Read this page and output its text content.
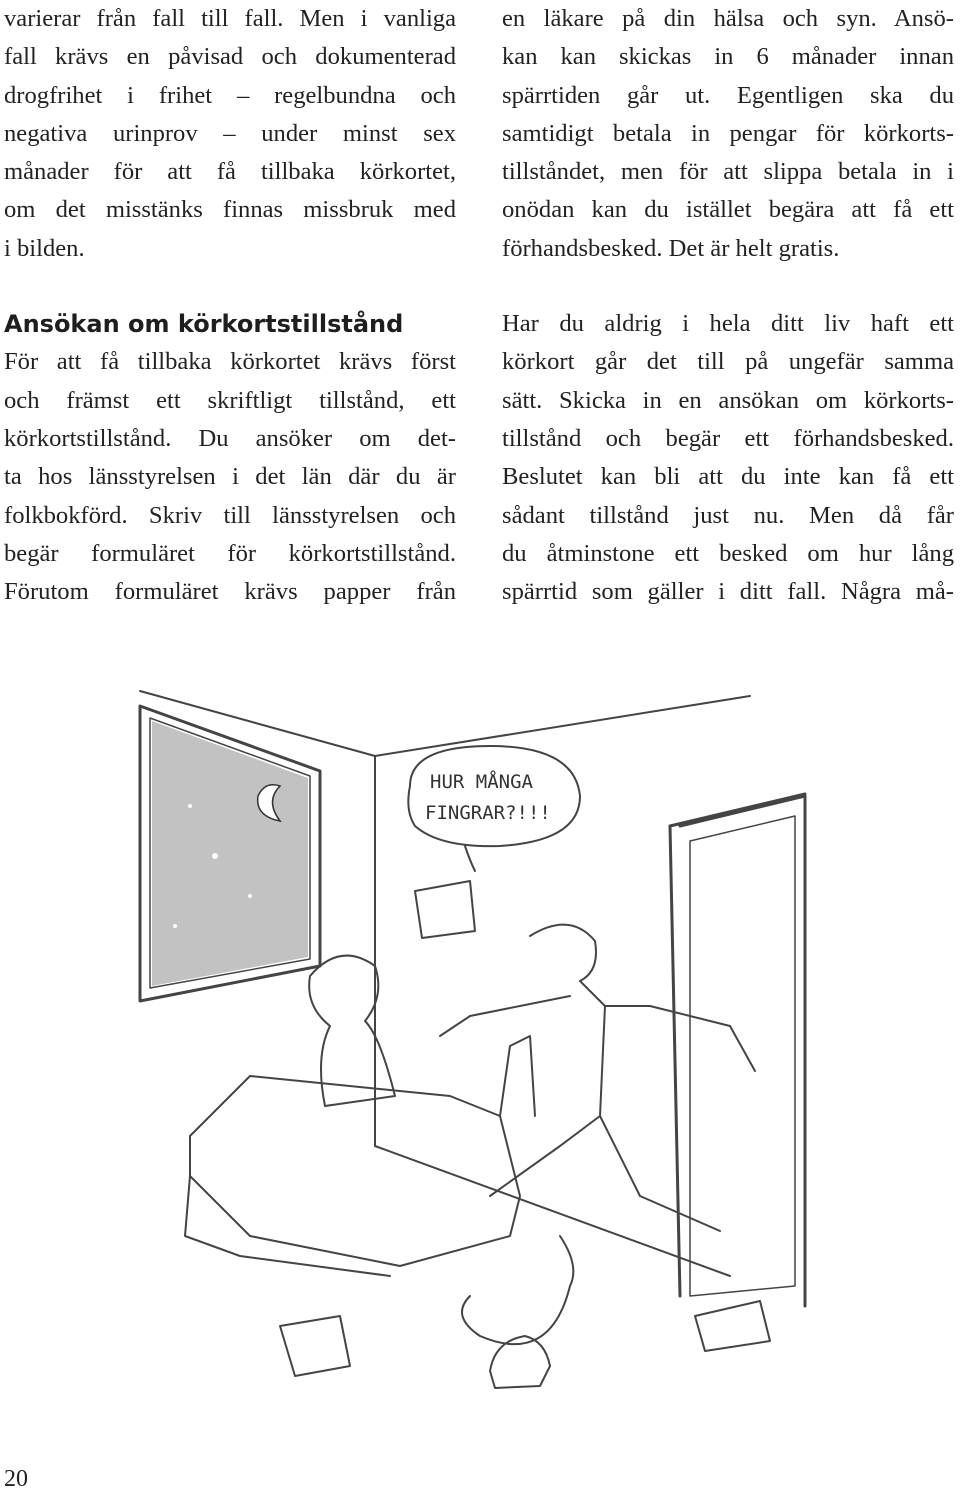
varierar från fall till fall. Men i vanliga

fall krävs en påvisad och dokumenterad

drogfrihet i frihet – regelbundna och

negativa urinprov – under minst sex

månader för att få tillbaka körkortet,

om det misstänks finnas missbruk med

i bilden.

Ansökan om körkortstillstånd

För att få tillbaka körkortet krävs först

och främst ett skriftligt tillstånd, ett

körkortstillstånd. Du ansöker om det-

ta hos länsstyrelsen i det län där du är

folkbokförd. Skriv till länsstyrelsen och

begär formuläret för körkortstillstånd.

Förutom formuläret krävs papper från

en läkare på din hälsa och syn. Ansö-

kan kan skickas in 6 månader innan

spärrtiden går ut. Egentligen ska du

samtidigt betala in pengar för körkorts-

tillståndet, men för att slippa betala in i

onödan kan du istället begära att få ett

förhandsbesked. Det är helt gratis.

Har du aldrig i hela ditt liv haft ett

körkort går det till på ungefär samma

sätt. Skicka in en ansökan om körkorts-

tillstånd och begär ett förhandsbesked.

Beslutet kan bli att du inte kan få ett

sådant tillstånd just nu. Men då får

du åtminstone ett besked om hur lång

spärrtid som gäller i ditt fall. Några må-

HUR MÅNGA
FINGRAR?!!!
20
